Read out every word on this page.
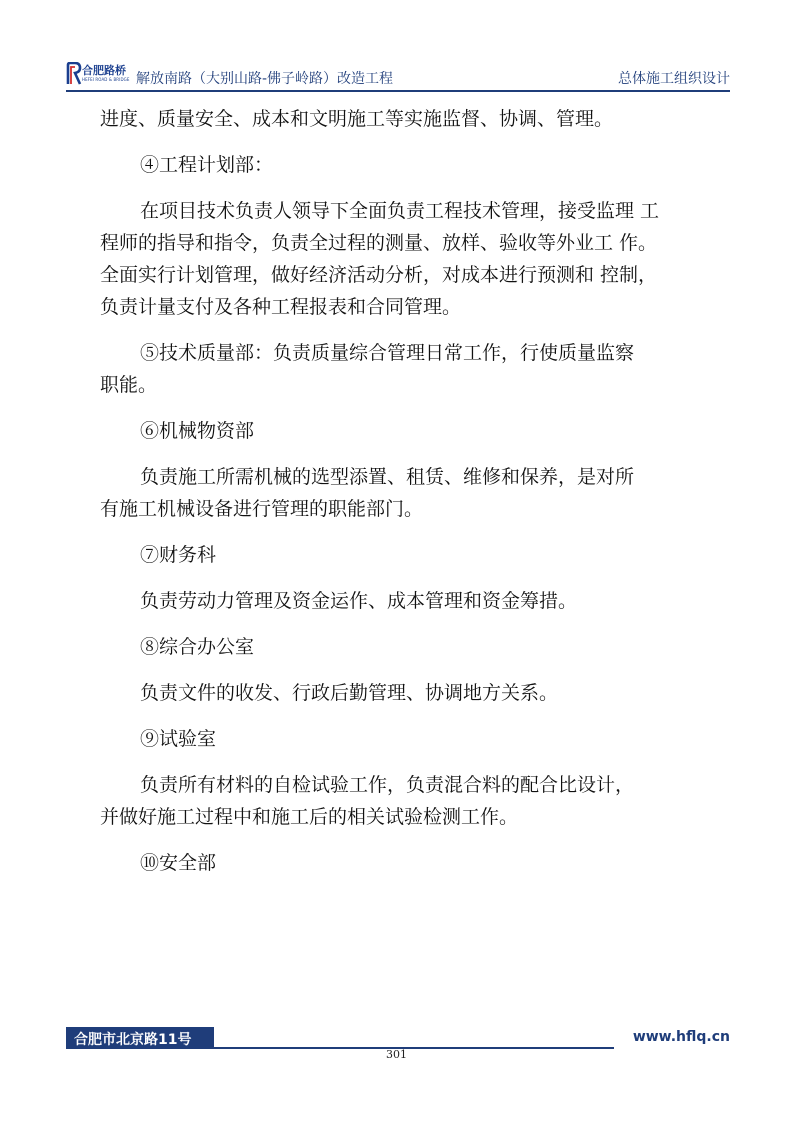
合肥路桥
HEFEI ROAD & BRIDGE 解放南路（大别山路-佛子岭路）改造工程	总体施工组织设计

进度、质量安全、成本和文明施工等实施监督、协调、管理。

④工程计划部：

在项目技术负责人领导下全面负责工程技术管理，接受监理 工

程师的指导和指令，负责全过程的测量、放样、验收等外业工 作。

全面实行计划管理，做好经济活动分析，对成本进行预测和 控制，

负责计量支付及各种工程报表和合同管理。

⑤技术质量部：负责质量综合管理日常工作，行使质量监察

职能。

⑥机械物资部

负责施工所需机械的选型添置、租赁、维修和保养，是对所

有施工机械设备进行管理的职能部门。

⑦财务科

负责劳动力管理及资金运作、成本管理和资金筹措。

⑧综合办公室

负责文件的收发、行政后勤管理、协调地方关系。

⑨试验室

负责所有材料的自检试验工作，负责混合料的配合比设计，

并做好施工过程中和施工后的相关试验检测工作。

⑩安全部

合肥市北京路11号	www.hflq.cn
301
